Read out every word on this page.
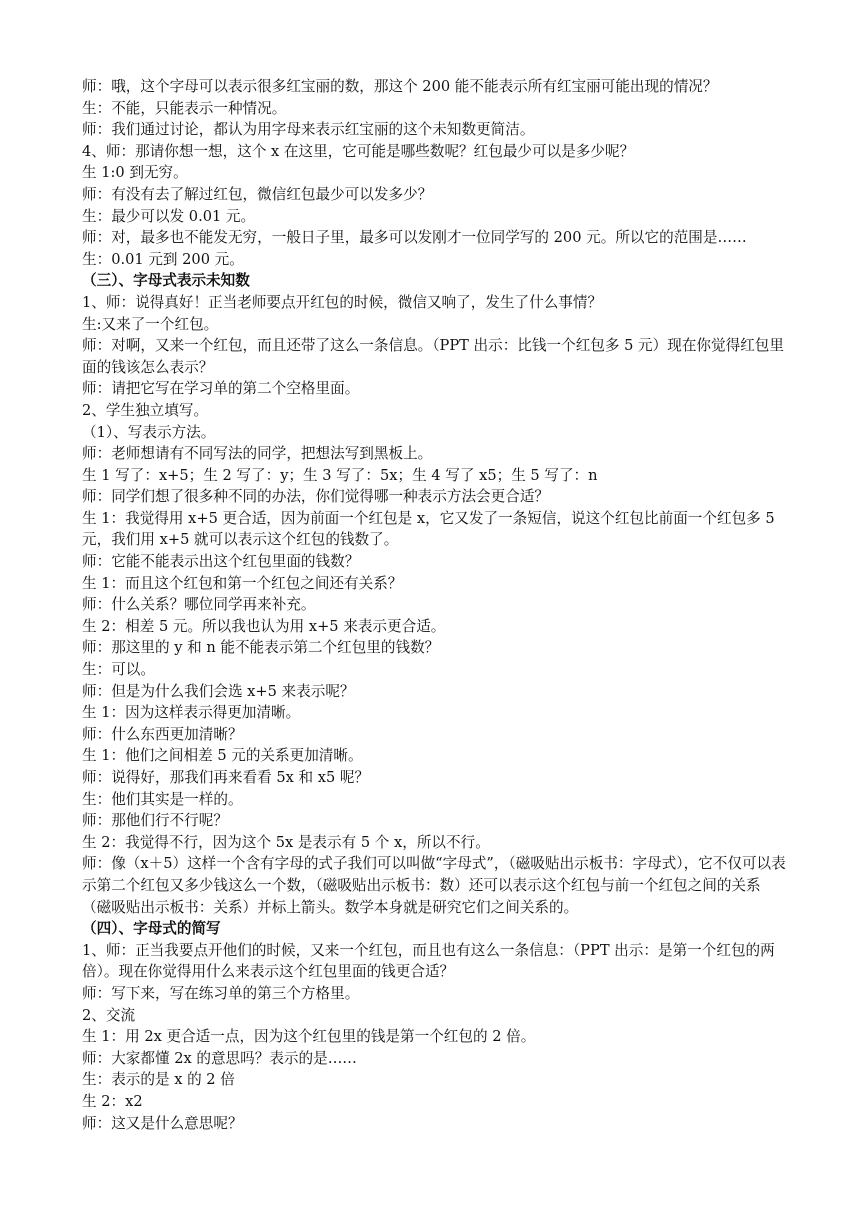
师：哦，这个字母可以表示很多红宝丽的数，那这个 200 能不能表示所有红宝丽可能出现的情况？

生：不能，只能表示一种情况。

师：我们通过讨论，都认为用字母来表示红宝丽的这个未知数更简洁。

4、师：那请你想一想，这个 x 在这里，它可能是哪些数呢？红包最少可以是多少呢？

生 1:0 到无穷。

师：有没有去了解过红包，微信红包最少可以发多少？

生：最少可以发 0.01 元。

师：对，最多也不能发无穷，一般日子里，最多可以发刚才一位同学写的 200 元。所以它的范围是……

生：0.01 元到 200 元。

（三）、字母式表示未知数

1、师：说得真好！正当老师要点开红包的时候，微信又响了，发生了什么事情？

生:又来了一个红包。

师：对啊，又来一个红包，而且还带了这么一条信息。（PPT 出示：比钱一个红包多 5 元）现在你觉得红包里面的钱该怎么表示？

师：请把它写在学习单的第二个空格里面。

2、学生独立填写。

（1）、写表示方法。

师：老师想请有不同写法的同学，把想法写到黑板上。

生 1 写了：x+5；生 2 写了：y；生 3 写了：5x；生 4 写了 x5；生 5 写了：n

师：同学们想了很多种不同的办法，你们觉得哪一种表示方法会更合适？

生 1：我觉得用 x+5 更合适，因为前面一个红包是 x，它又发了一条短信，说这个红包比前面一个红包多 5 元，我们用 x+5 就可以表示这个红包的钱数了。

师：它能不能表示出这个红包里面的钱数？

生 1：而且这个红包和第一个红包之间还有关系？

师：什么关系？哪位同学再来补充。

生 2：相差 5 元。所以我也认为用 x+5 来表示更合适。

师：那这里的 y 和 n 能不能表示第二个红包里的钱数？

生：可以。

师：但是为什么我们会选 x+5 来表示呢？

生 1：因为这样表示得更加清晰。

师：什么东西更加清晰？

生 1：他们之间相差 5 元的关系更加清晰。

师：说得好，那我们再来看看 5x 和 x5 呢？

生：他们其实是一样的。

师：那他们行不行呢？

生 2：我觉得不行，因为这个 5x 是表示有 5 个 x，所以不行。

师：像（x＋5）这样一个含有字母的式子我们可以叫做“字母式”，（磁吸贴出示板书：字母式），它不仅可以表示第二个红包又多少钱这么一个数，（磁吸贴出示板书：数）还可以表示这个红包与前一个红包之间的关系（磁吸贴出示板书：关系）并标上箭头。数学本身就是研究它们之间关系的。

（四）、字母式的简写

1、师：正当我要点开他们的时候，又来一个红包，而且也有这么一条信息：（PPT 出示：是第一个红包的两倍）。现在你觉得用什么来表示这个红包里面的钱更合适？

师：写下来，写在练习单的第三个方格里。

2、交流

生 1：用 2x 更合适一点，因为这个红包里的钱是第一个红包的 2 倍。

师：大家都懂 2x 的意思吗？表示的是……

生：表示的是 x 的 2 倍

生 2：x2

师：这又是什么意思呢？
